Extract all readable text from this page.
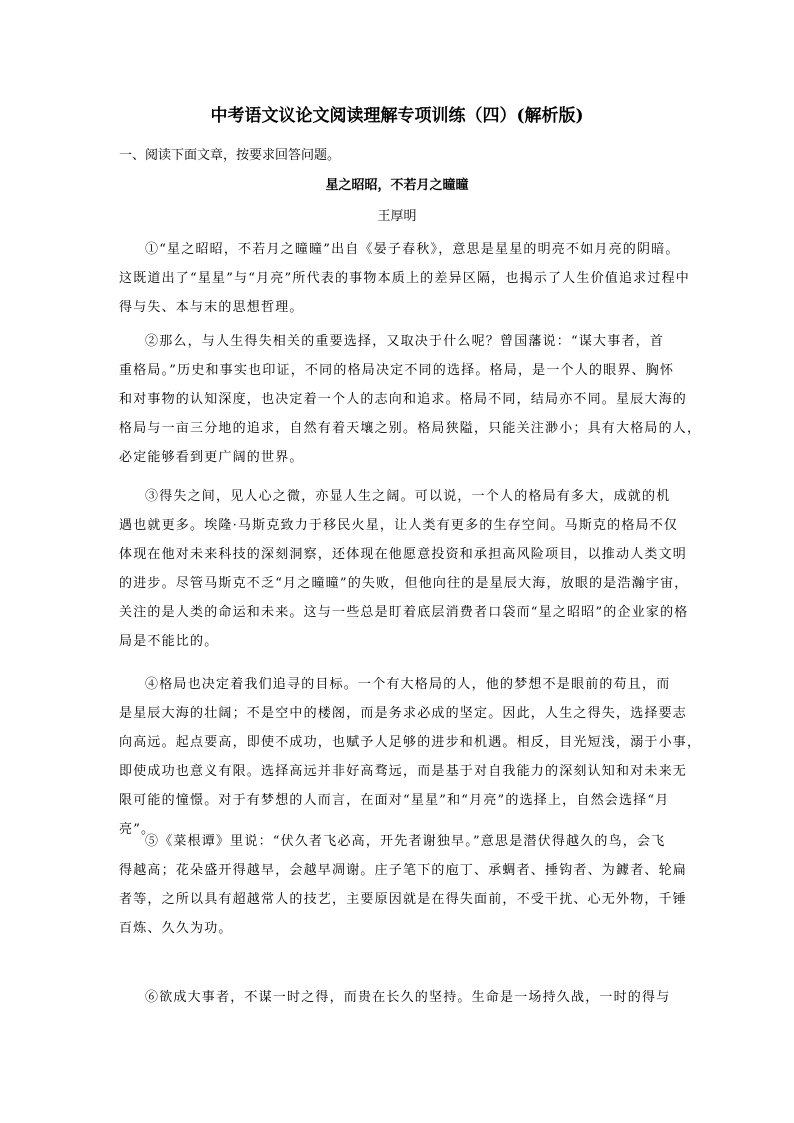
中考语文议论文阅读理解专项训练（四）(解析版)

一、阅读下面文章，按要求回答问题。

星之昭昭，不若月之曈曈

王厚明

①“星之昭昭，不若月之曈曈”出自《晏子春秋》，意思是星星的明亮不如月亮的阴暗。
这既道出了“星星”与“月亮”所代表的事物本质上的差异区隔，也揭示了人生价值追求过程中
得与失、本与末的思想哲理。
②那么，与人生得失相关的重要选择，又取决于什么呢？曾国藩说：“谋大事者，首
重格局。”历史和事实也印证，不同的格局决定不同的选择。格局，是一个人的眼界、胸怀
和对事物的认知深度，也决定着一个人的志向和追求。格局不同，结局亦不同。星辰大海的
格局与一亩三分地的追求，自然有着天壤之别。格局狭隘，只能关注渺小；具有大格局的人，
必定能够看到更广阔的世界。
③得失之间，见人心之微，亦显人生之阔。可以说，一个人的格局有多大，成就的机
遇也就更多。埃隆·马斯克致力于移民火星，让人类有更多的生存空间。马斯克的格局不仅
体现在他对未来科技的深刻洞察，还体现在他愿意投资和承担高风险项目，以推动人类文明
的进步。尽管马斯克不乏“月之曈曈”的失败，但他向往的是星辰大海，放眼的是浩瀚宇宙，
关注的是人类的命运和未来。这与一些总是盯着底层消费者口袋而“星之昭昭”的企业家的格
局是不能比的。
④格局也决定着我们追寻的目标。一个有大格局的人，他的梦想不是眼前的苟且，而
是星辰大海的壮阔；不是空中的楼阁，而是务求必成的坚定。因此，人生之得失，选择要志
向高远。起点要高，即使不成功，也赋予人足够的进步和机遇。相反，目光短浅，溺于小事，
即使成功也意义有限。选择高远并非好高骛远，而是基于对自我能力的深刻认知和对未来无
限可能的憧憬。对于有梦想的人而言，在面对“星星”和“月亮”的选择上，自然会选择“月
亮”。
⑤《菜根谭》里说：“伏久者飞必高，开先者谢独早。”意思是潜伏得越久的鸟，会飞
得越高；花朵盛开得越早，会越早凋谢。庄子笔下的庖丁、承蜩者、捶钩者、为鐻者、轮扁
者等，之所以具有超越常人的技艺，主要原因就是在得失面前，不受干扰、心无外物，千锤
百炼、久久为功。
⑥欲成大事者，不谋一时之得，而贵在长久的坚持。生命是一场持久战，一时的得与
